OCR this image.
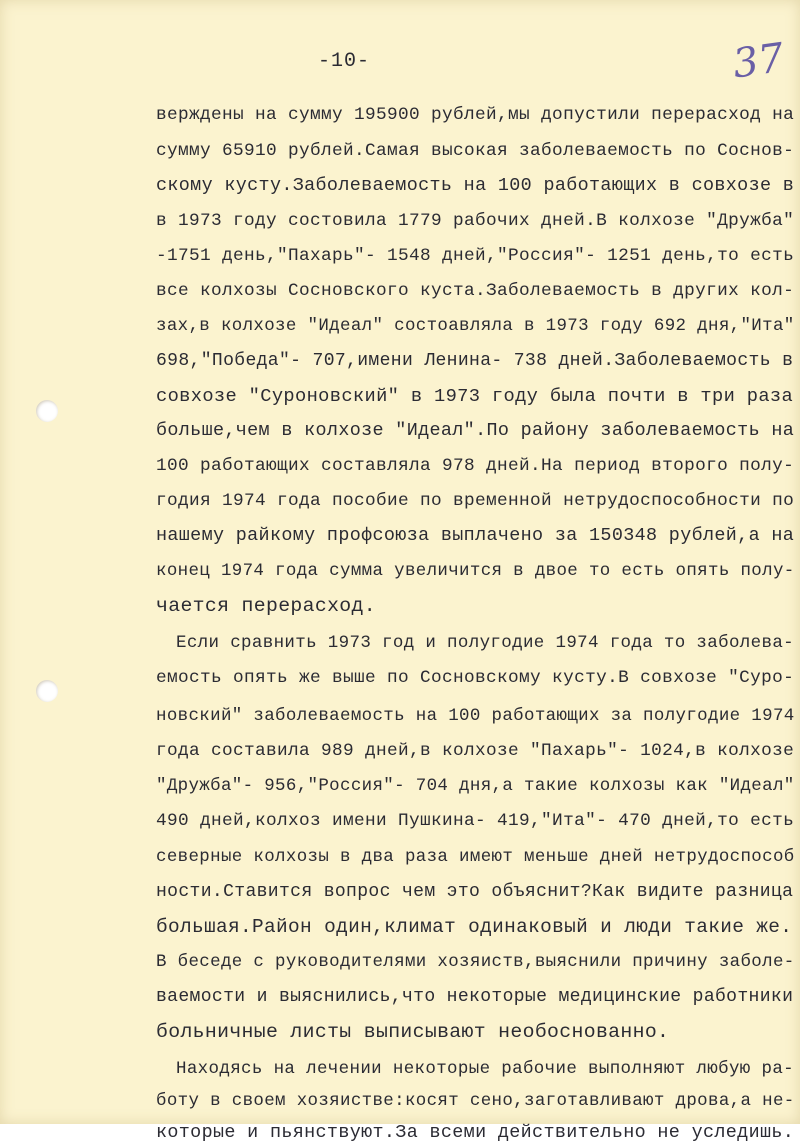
-10-	37
верждены на сумму 195900 рублей,мы допустили перерасход на
сумму 65910 рублей.Самая высокая заболеваемость по Соснов-
скому кусту.Заболеваемость на 100 работающих в совхозе в
в 1973 году состовила 1779 рабочих дней.В колхозе "Дружба"
-1751 день,"Пахарь"- 1548 дней,"Россия"- 1251 день,то есть
все колхозы Сосновского куста.Заболеваемость в других кол-
зах,в колхозе "Идеал" состоавляла в 1973 году 692 дня,"Ита"
698,"Победа"- 707,имени Ленина- 738 дней.Заболеваемость в
совхозе "Суроновский" в 1973 году была почти в три раза
больше,чем в колхозе "Идеал".По району заболеваемость на
100 работающих составляла 978 дней.На период второго полу-
годия 1974 года пособие по временной нетрудоспособности по
нашему райкому профсоюза выплачено за 150348 рублей,а на
конец 1974 года сумма увеличится в двое то есть опять полу-
чается перерасход.
Если сравнить 1973 год и полугодие 1974 года то заболева-
емость опять же выше по Сосновскому кусту.В совхозе "Суро-
новский" заболеваемость на 100 работающих за полугодие 1974
года составила 989 дней,в колхозе "Пахарь"- 1024,в колхозе
"Дружба"- 956,"Россия"- 704 дня,а такие колхозы как "Идеал"
490 дней,колхоз имени Пушкина- 419,"Ита"- 470 дней,то есть
северные колхозы в два раза имеют меньше дней нетрудоспособ
ности.Ставится вопрос чем это объяснит?Как видите разница
большая.Район один,климат одинаковый и люди такие же.
В беседе с руководителями хозяиств,выяснили причину заболе-
ваемости и выяснились,что некоторые медицинские работники
больничные листы выписывают необоснованно.
Находясь на лечении некоторые рабочие выполняют любую ра-
боту в своем хозяистве:косят сено,заготавливают дрова,а не-
которые и пьянствуют.За всеми действительно не уследишь.
